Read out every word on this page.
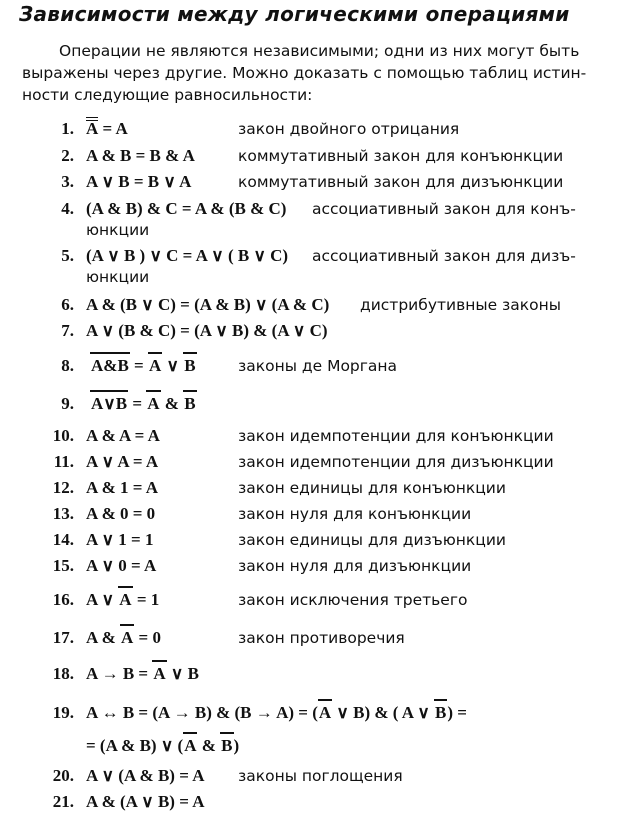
Зависимости между логическими операциями
Операции не являются независимыми; одни из них могут быть
выражены через другие. Можно доказать с помощью таблиц истин-
ности следующие равносильности:
1. A = A	закон двойного отрицания
2. A & B = B & A	коммутативный закон для конъюнкции
3. A ∨ B = B ∨ A	коммутативный закон для дизъюнкции
4. (A & B) & C = A & (B & C) ассоциативный закон для конъ-
юнкции
5. (A ∨ B ) ∨ C = A ∨ ( B ∨ C) ассоциативный закон для дизъ-
юнкции
6. A & (B ∨ C) = (A & B) ∨ (A & C) дистрибутивные законы
7. A ∨ (B & C) = (A ∨ B) & (A ∨ C)
8. A&B = A ∨ B	законы де Моргана
9. A∨B = A & B
10. A & A = A	закон идемпотенции для конъюнкции
11. A ∨ A = A	закон идемпотенции для дизъюнкции
12. A & 1 = A	закон единицы для конъюнкции
13. A & 0 = 0	закон нуля для конъюнкции
14. A ∨ 1 = 1	закон единицы для дизъюнкции
15. A ∨ 0 = A	закон нуля для дизъюнкции
16. A ∨ A = 1	закон исключения третьего
17. A & A = 0	закон противоречия
18. A → B = A ∨ B
19. A ↔ B = (A → B) & (B → A) = (A ∨ B) & ( A ∨ B) =
= (A & B) ∨ (A & B)
20. A ∨ (A & B) = A законы поглощения
21. A & (A ∨ B) = A
